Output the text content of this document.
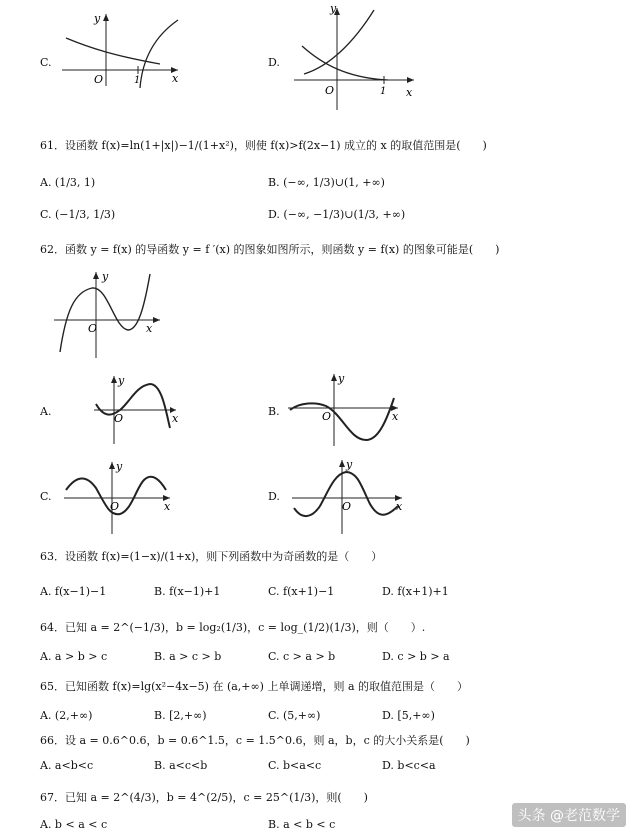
C.
y
O	1	x
D.
y
O	1 x
61．设函数 f(x)=ln(1+|x|)−1/(1+x²)，则使 f(x)>f(2x−1) 成立的 x 的取值范围是(　　)
A. (1/3, 1)	B. (−∞, 1/3)∪(1, +∞)
C. (−1/3, 1/3)	D. (−∞, −1/3)∪(1/3, +∞)
62．函数 y = f(x) 的导函数 y = f ′(x) 的图象如图所示，则函数 y = f(x) 的图象可能是(　　)
y
O	x
A.
y
O	x
B.
y
O	x
C.
y
O	x
D.
y
O	x
63．设函数 f(x)=(1−x)/(1+x)，则下列函数中为奇函数的是（　　）
A. f(x−1)−1	B. f(x−1)+1	C. f(x+1)−1	D. f(x+1)+1
64．已知 a = 2^(−1/3)，b = log₂(1/3)，c = log_(1/2)(1/3)，则（　　）.
A. a > b > c	B. a > c > b	C. c > a > b	D. c > b > a
65．已知函数 f(x)=lg(x²−4x−5) 在 (a,+∞) 上单调递增，则 a 的取值范围是（　　）
A. (2,+∞)	B. [2,+∞)	C. (5,+∞)	D. [5,+∞)
66．设 a = 0.6^0.6，b = 0.6^1.5，c = 1.5^0.6，则 a，b，c 的大小关系是(　　)
A. a<b<c	B. a<c<b	C. b<a<c	D. b<c<a
67．已知 a = 2^(4/3)，b = 4^(2/5)，c = 25^(1/3)，则(　　)
A. b < a < c	B. a < b < c
头条 @老范数学
